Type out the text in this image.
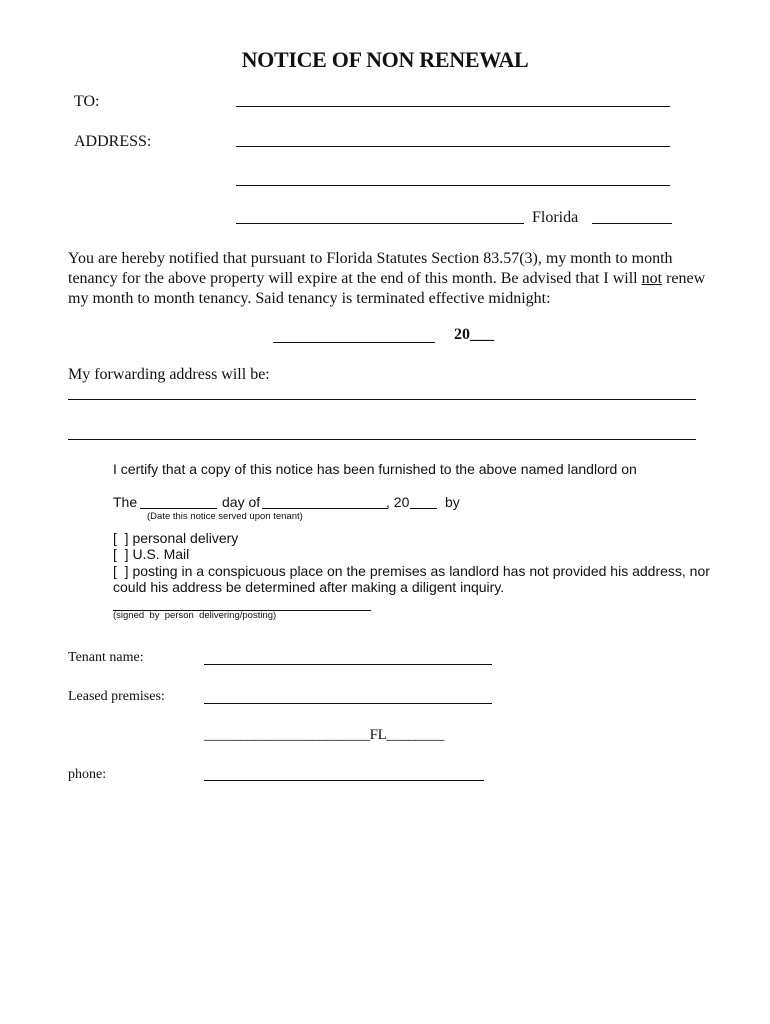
NOTICE OF NON RENEWAL
TO:
ADDRESS:
Florida
You are hereby notified that pursuant to Florida Statutes Section 83.57(3), my month to month tenancy for the above property will expire at the end of this month. Be advised that I will not renew my month to month tenancy. Said tenancy is terminated effective midnight:
20___
My forwarding address will be:
I certify that a copy of this notice has been furnished to the above named landlord on
The	day of	, 20	by
(Date this notice served upon tenant)
[  ] personal delivery
[  ] U.S. Mail
[  ] posting in a conspicuous place on the premises as landlord has not provided his address, nor
could his address be determined after making a diligent inquiry.
(signed  by  person  delivering/posting)
Tenant name:
Leased premises:
_______________________FL________
phone:
